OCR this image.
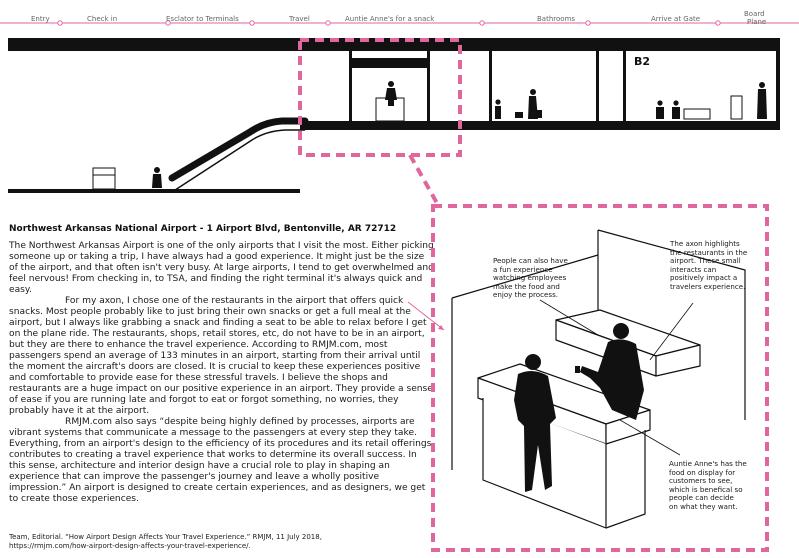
Entry	Check in	Esclator to Terminals	Travel	Auntie Anne's for a snack	Bathrooms	Arrive at Gate
Board
Plane
B2
Northwest Arkansas National Airport - 1 Airport Blvd, Bentonville, AR 72712

The Northwest Arkansas Airport is one of the only airports that I visit the most. Either picking someone up or taking a trip, I have always had a good experience. It might just be the size of the airport, and that often isn't very busy. At large airports, I tend to get overwhelmed and feel nervous! From checking in, to TSA, and finding the right terminal it's always quick and easy.

For my axon, I chose one of the restaurants in the airport that offers quick snacks. Most people probably like to just bring their own snacks or get a full meal at the airport, but I always like grabbing a snack and finding a seat to be able to relax before I get on the plane ride. The restaurants, shops, retail stores, etc, do not have to be in an airport, but they are there to enhance the travel experience. According to RMJM.com, most passengers spend an average of 133 minutes in an airport, starting from their arrival until the moment the aircraft's doors are closed. It is crucial to keep these experiences positive and comfortable to provide ease for these stressful travels. I believe the shops and restaurants are a huge impact on our positive experience in an airport. They provide a sense of ease if you are running late and forgot to eat or forgot something, no worries, they probably have it at the airport.

RMJM.com also says “despite being highly defined by processes, airports are vibrant systems that communicate a message to the passengers at every step they take. Everything, from an airport's design to the efficiency of its procedures and its retail offerings, contributes to creating a travel experience that works to determine its overall success. In this sense, architecture and interior design have a crucial role to play in shaping an experience that can improve the passenger's journey and leave a wholly positive impression.” An airport is designed to create certain experiences, and as designers, we get to create those experiences.

Team, Editorial. “How Airport Design Affects Your Travel Experience.” RMJM, 11 July 2018,
https://rmjm.com/how-airport-design-affects-your-travel-experience/.
People can also have
a fun experience
watching employees
make the food and
enjoy the process.
The axon highlights
the restaurants in the
airport. These small
interacts can
positively impact a
travelers experience.
Auntie Anne's has the
food on display for
customers to see,
which is benefical so
people can decide
on what they want.
